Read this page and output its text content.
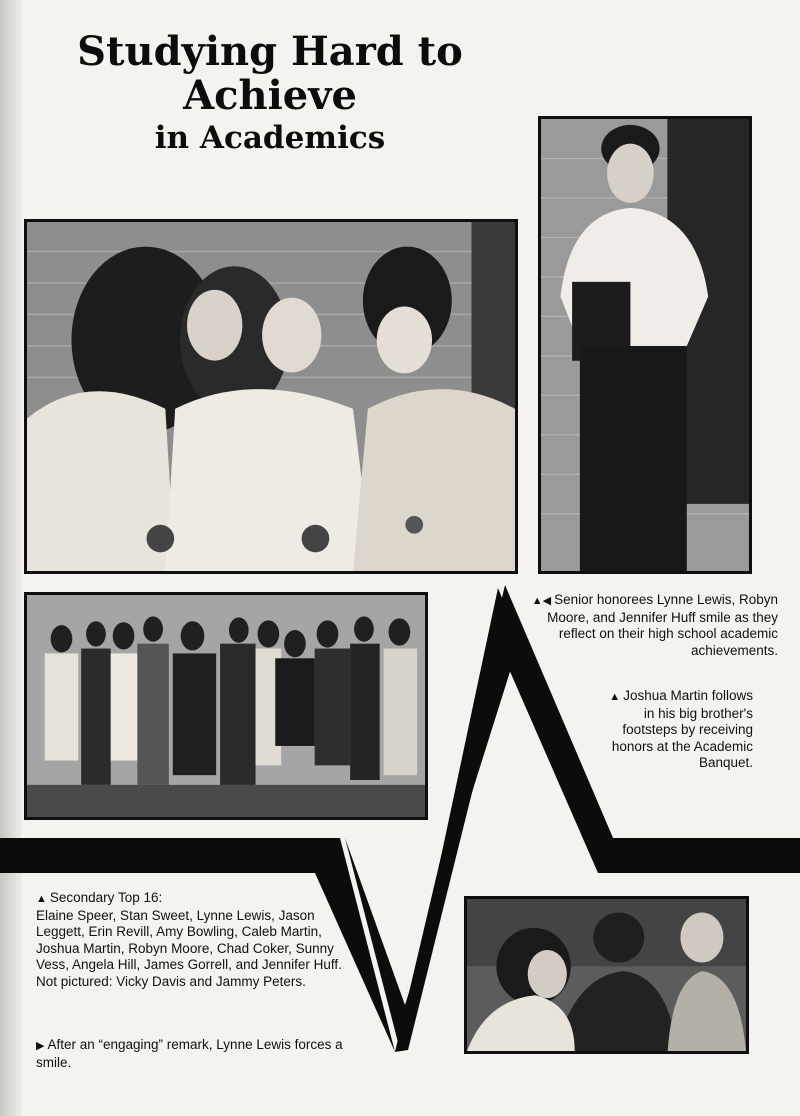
Studying Hard to
Achieve
in Academics
▲◀ Senior honorees Lynne Lewis, Robyn Moore, and Jennifer Huff smile as they reflect on their high school academic achievements.
▲ Joshua Martin follows in his big brother's footsteps by receiving honors at the Academic Banquet.
▲ Secondary Top 16:
Elaine Speer, Stan Sweet, Lynne Lewis, Jason Leggett, Erin Revill, Amy Bowling, Caleb Martin, Joshua Martin, Robyn Moore, Chad Coker, Sunny Vess, Angela Hill, James Gorrell, and Jennifer Huff. Not pictured: Vicky Davis and Jammy Peters.
▶ After an “engaging” remark, Lynne Lewis forces a smile.
